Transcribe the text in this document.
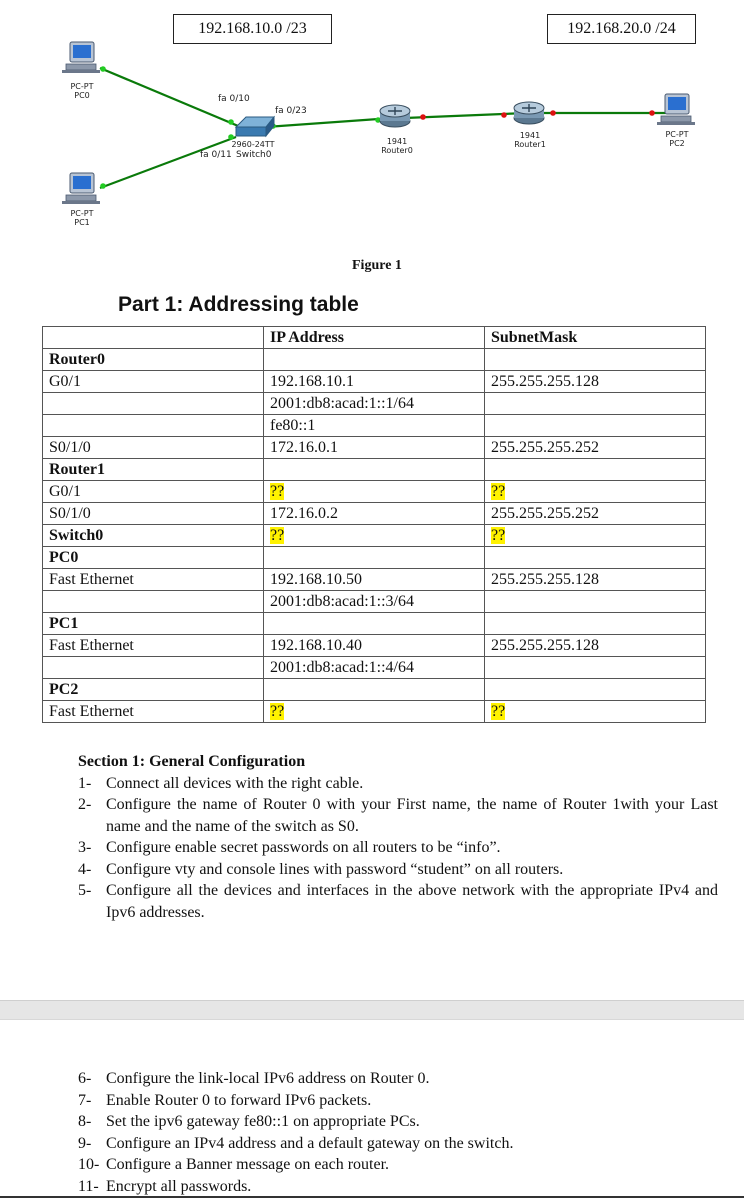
192.168.10.0 /23	192.168.20.0 /24
PC-PT
PC0
PC-PT
PC1
PC-PT
PC2
1941
Router0
1941
Router1
2960-24TT
Switch0
fa 0/10
fa 0/23
fa 0/11
Figure 1
Part 1: Addressing table
	IP Address	SubnetMask
Router0		
G0/1	192.168.10.1	255.255.255.128
	2001:db8:acad:1::1/64	
	fe80::1	
S0/1/0	172.16.0.1	255.255.255.252
Router1		
G0/1	??	??
S0/1/0	172.16.0.2	255.255.255.252
Switch0	??	??
PC0		
Fast Ethernet	192.168.10.50	255.255.255.128
	2001:db8:acad:1::3/64	
PC1		
Fast Ethernet	192.168.10.40	255.255.255.128
	2001:db8:acad:1::4/64	
PC2		
Fast Ethernet	??	??
Section 1: General Configuration
1- Connect all devices with the right cable.
2- Configure the name of Router 0 with your First name, the name of Router 1with your Last name and the name of the switch as S0.
3- Configure enable secret passwords on all routers to be “info”.
4- Configure vty and console lines with password “student” on all routers.
5- Configure all the devices and interfaces in the above network with the appropriate IPv4 and Ipv6 addresses.
6- Configure the link-local IPv6 address on Router 0.
7- Enable Router 0 to forward IPv6 packets.
8- Set the ipv6 gateway fe80::1 on appropriate PCs.
9- Configure an IPv4 address and a default gateway on the switch.
10- Configure a Banner message on each router.
11- Encrypt all passwords.
